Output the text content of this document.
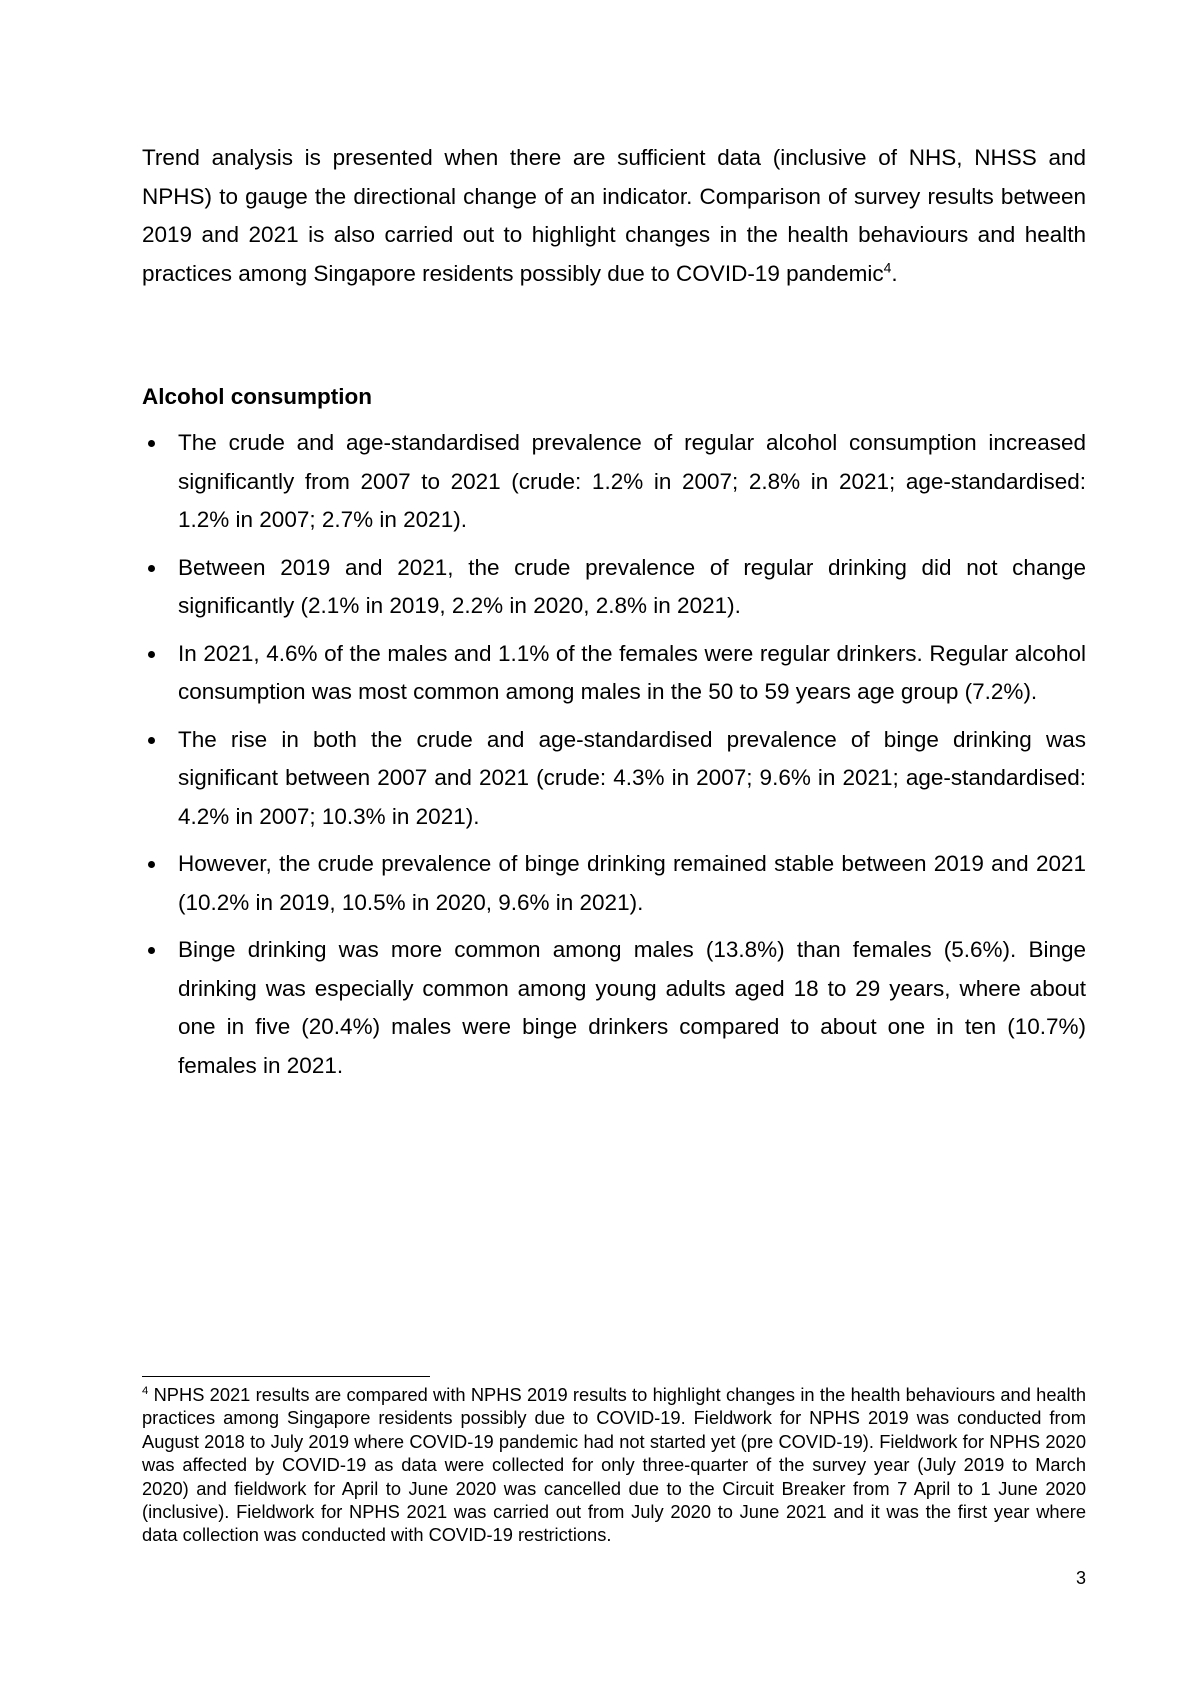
Trend analysis is presented when there are sufficient data (inclusive of NHS, NHSS and NPHS) to gauge the directional change of an indicator. Comparison of survey results between 2019 and 2021 is also carried out to highlight changes in the health behaviours and health practices among Singapore residents possibly due to COVID-19 pandemic$^4$.

Alcohol consumption
The crude and age-standardised prevalence of regular alcohol consumption increased significantly from 2007 to 2021 (crude: 1.2% in 2007; 2.8% in 2021; age-standardised: 1.2% in 2007; 2.7% in 2021).
Between 2019 and 2021, the crude prevalence of regular drinking did not change significantly (2.1% in 2019, 2.2% in 2020, 2.8% in 2021).
In 2021, 4.6% of the males and 1.1% of the females were regular drinkers. Regular alcohol consumption was most common among males in the 50 to 59 years age group (7.2%).
The rise in both the crude and age-standardised prevalence of binge drinking was significant between 2007 and 2021 (crude: 4.3% in 2007; 9.6% in 2021; age-standardised: 4.2% in 2007; 10.3% in 2021).
However, the crude prevalence of binge drinking remained stable between 2019 and 2021 (10.2% in 2019, 10.5% in 2020, 9.6% in 2021).
Binge drinking was more common among males (13.8%) than females (5.6%). Binge drinking was especially common among young adults aged 18 to 29 years, where about one in five (20.4%) males were binge drinkers compared to about one in ten (10.7%) females in 2021.

$^4$ NPHS 2021 results are compared with NPHS 2019 results to highlight changes in the health behaviours and health practices among Singapore residents possibly due to COVID-19. Fieldwork for NPHS 2019 was conducted from August 2018 to July 2019 where COVID-19 pandemic had not started yet (pre COVID-19). Fieldwork for NPHS 2020 was affected by COVID-19 as data were collected for only three-quarter of the survey year (July 2019 to March 2020) and fieldwork for April to June 2020 was cancelled due to the Circuit Breaker from 7 April to 1 June 2020 (inclusive). Fieldwork for NPHS 2021 was carried out from July 2020 to June 2021 and it was the first year where data collection was conducted with COVID-19 restrictions.

3
